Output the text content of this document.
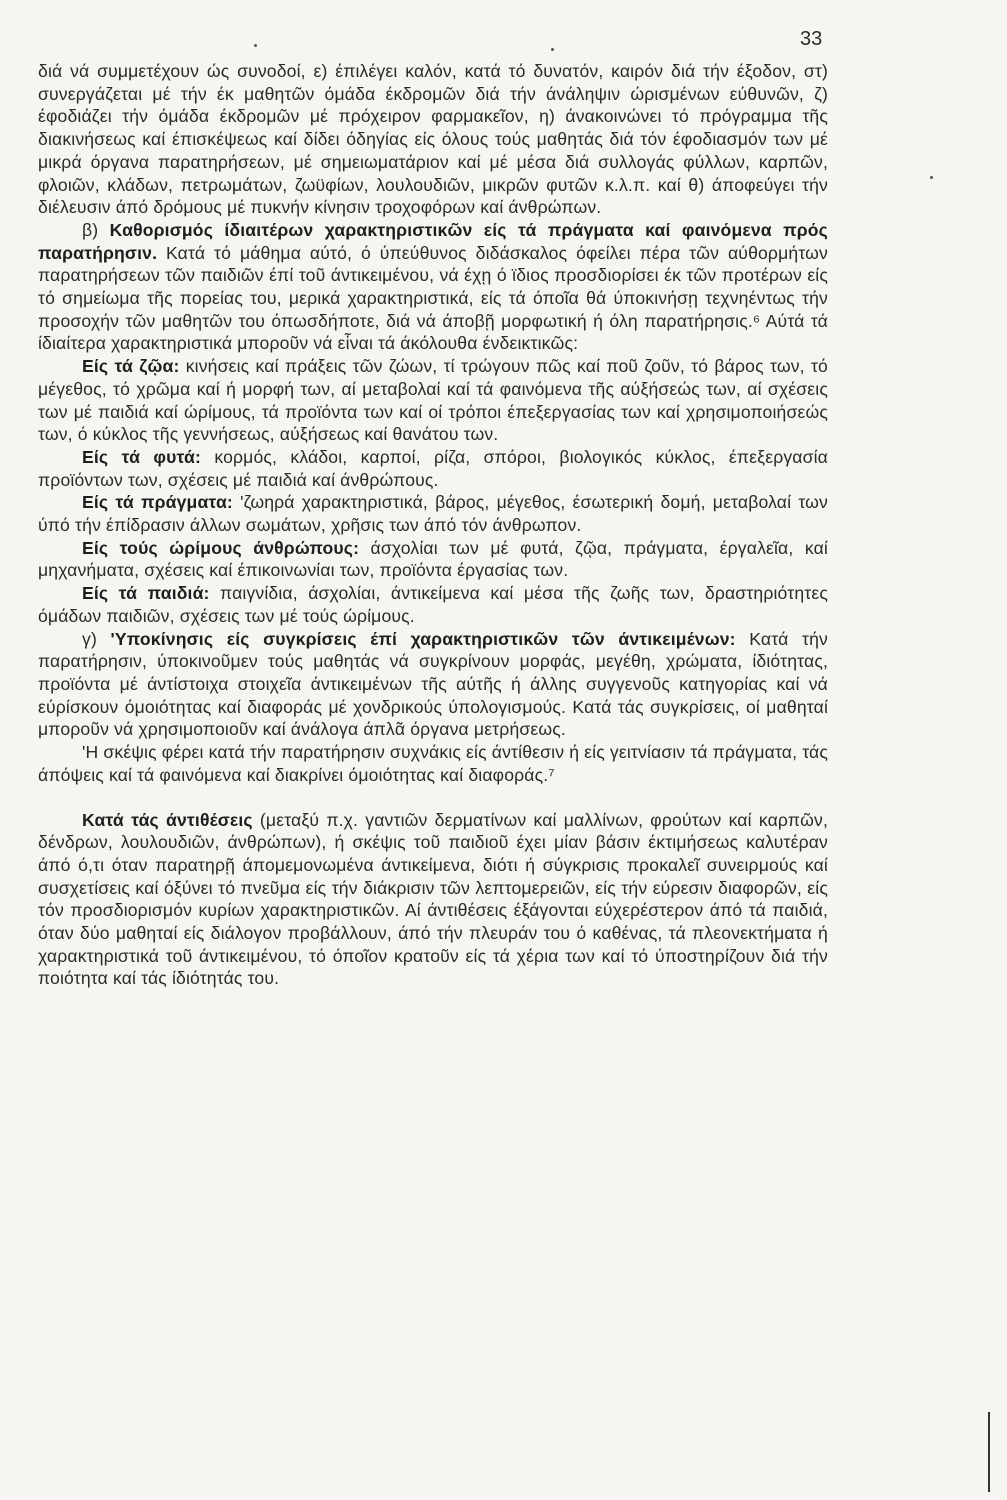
33

διά νά συμμετέχουν ώς συνοδοί, ε) έπιλέγει καλόν, κατά τό δυνατόν, καιρόν διά τήν έξοδον, στ) συνεργάζεται μέ τήν έκ μαθητῶν όμάδα έκδρομῶν διά τήν άνάληψιν ώρισμένων εύθυνῶν, ζ) έφοδιάζει τήν όμάδα έκδρομῶν μέ πρόχειρον φαρμακεῖον, η) άνακοινώνει τό πρόγραμμα τῆς διακινήσεως καί έπισκέψεως καί δίδει όδηγίας είς όλους τούς μαθητάς διά τόν έφοδιασμόν των μέ μικρά όργανα παρατηρήσεων, μέ σημειωματάριον καί μέ μέσα διά συλλογάς φύλλων, καρπῶν, φλοιῶν, κλάδων, πετρωμάτων, ζωϋφίων, λουλουδιῶν, μικρῶν φυτῶν κ.λ.π. καί θ) άποφεύγει τήν διέλευσιν άπό δρόμους μέ πυκνήν κίνησιν τροχοφόρων καί άνθρώπων.

β) Καθορισμός ίδιαιτέρων χαρακτηριστικῶν είς τά πράγματα καί φαινόμενα πρός παρατήρησιν. Κατά τό μάθημα αύτό, ό ύπεύθυνος διδάσκαλος όφείλει πέρα τῶν αύθορμήτων παρατηρήσεων τῶν παιδιῶν έπί τοῦ άντικειμένου, νά έχῃ ό ϊδιος προσδιορίσει έκ τῶν προτέρων είς τό σημείωμα τῆς πορείας του, μερικά χαρακτηριστικά, είς τά όποῖα θά ύποκινήσῃ τεχνηέντως τήν προσοχήν τῶν μαθητῶν του όπωσδήποτε, διά νά άποβῇ μορφωτική ή όλη παρατήρησις.⁶ Αύτά τά ίδιαίτερα χαρακτηριστικά μποροῦν νά εἶναι τά άκόλουθα ένδεικτικῶς:

Είς τά ζῷα: κινήσεις καί πράξεις τῶν ζώων, τί τρώγουν πῶς καί ποῦ ζοῦν, τό βάρος των, τό μέγεθος, τό χρῶμα καί ή μορφή των, αί μεταβολαί καί τά φαινόμενα τῆς αύξήσεώς των, αί σχέσεις των μέ παιδιά καί ώρίμους, τά προϊόντα των καί οί τρόποι έπεξεργασίας των καί χρησιμοποιήσεώς των, ό κύκλος τῆς γεννήσεως, αύξήσεως καί θανάτου των.

Είς τά φυτά: κορμός, κλάδοι, καρποί, ρίζα, σπόροι, βιολογικός κύκλος, έπεξεργασία προϊόντων των, σχέσεις μέ παιδιά καί άνθρώπους.

Είς τά πράγματα: 'ζωηρά χαρακτηριστικά, βάρος, μέγεθος, έσωτερική δομή, μεταβολαί των ύπό τήν έπίδρασιν άλλων σωμάτων, χρῆσις των άπό τόν άνθρωπον.

Είς τούς ώρίμους άνθρώπους: άσχολίαι των μέ φυτά, ζῷα, πράγματα, έργαλεῖα, καί μηχανήματα, σχέσεις καί έπικοινωνίαι των, προϊόντα έργασίας των.

Είς τά παιδιά: παιγνίδια, άσχολίαι, άντικείμενα καί μέσα τῆς ζωῆς των, δραστηριότητες όμάδων παιδιῶν, σχέσεις των μέ τούς ώρίμους.

γ) 'Υποκίνησις είς συγκρίσεις έπί χαρακτηριστικῶν τῶν άντικειμένων: Κατά τήν παρατήρησιν, ύποκινοῦμεν τούς μαθητάς νά συγκρίνουν μορφάς, μεγέθη, χρώματα, ίδιότητας, προϊόντα μέ άντίστοιχα στοιχεῖα άντικειμένων τῆς αύτῆς ή άλλης συγγενοῦς κατηγορίας καί νά εύρίσκουν όμοιότητας καί διαφοράς μέ χονδρικούς ύπολογισμούς. Κατά τάς συγκρίσεις, οί μαθηταί μποροῦν νά χρησιμοποιοῦν καί άνάλογα άπλᾶ όργανα μετρήσεως.

'Η σκέψις φέρει κατά τήν παρατήρησιν συχνάκις είς άντίθεσιν ή είς γειτνίασιν τά πράγματα, τάς άπόψεις καί τά φαινόμενα καί διακρίνει όμοιότητας καί διαφοράς.⁷

Κατά τάς άντιθέσεις (μεταξύ π.χ. γαντιῶν δερματίνων καί μαλλίνων, φρούτων καί καρπῶν, δένδρων, λουλουδιῶν, άνθρώπων), ή σκέψις τοῦ παιδιοῦ έχει μίαν βάσιν έκτιμήσεως καλυτέραν άπό ό,τι όταν παρατηρῇ άπομεμονωμένα άντικείμενα, διότι ή σύγκρισις προκαλεῖ συνειρμούς καί συσχετίσεις καί όξύνει τό πνεῦμα είς τήν διάκρισιν τῶν λεπτομερειῶν, είς τήν εύρεσιν διαφορῶν, είς τόν προσδιορισμόν κυρίων χαρακτηριστικῶν. Αί άντιθέσεις έξάγονται εύχερέστερον άπό τά παιδιά, όταν δύο μαθηταί είς διάλογον προβάλλουν, άπό τήν πλευράν του ό καθένας, τά πλεονεκτήματα ή χαρακτηριστικά τοῦ άντικειμένου, τό όποῖον κρατοῦν είς τά χέρια των καί τό ύποστηρίζουν διά τήν ποιότητα καί τάς ίδιότητάς του.
